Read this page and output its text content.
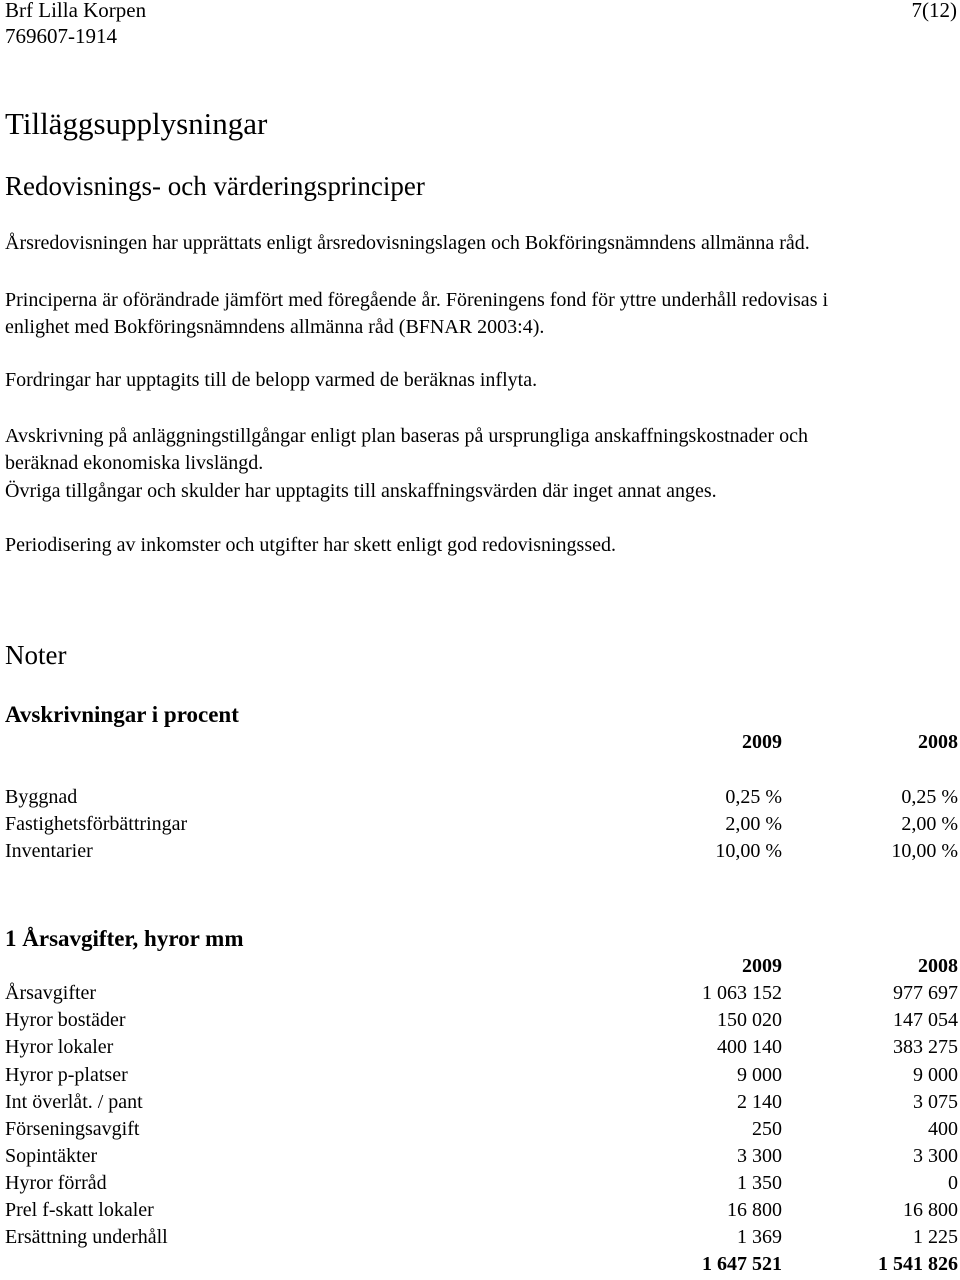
Brf Lilla Korpen	7(12)
769607-1914
Tilläggsupplysningar
Redovisnings- och värderingsprinciper
Årsredovisningen har upprättats enligt årsredovisningslagen och Bokföringsnämndens allmänna råd.
Principerna är oförändrade jämfört med föregående år. Föreningens fond för yttre underhåll redovisas i
enlighet med Bokföringsnämndens allmänna råd (BFNAR 2003:4).
Fordringar har upptagits till de belopp varmed de beräknas inflyta.
Avskrivning på anläggningstillgångar enligt plan baseras på ursprungliga anskaffningskostnader och
beräknad ekonomiska livslängd.
Övriga tillgångar och skulder har upptagits till anskaffningsvärden där inget annat anges.
Periodisering av inkomster och utgifter har skett enligt god redovisningssed.
Noter
Avskrivningar i procent
2009	2008
Byggnad	0,25 %	0,25 %
Fastighetsförbättringar	2,00 %	2,00 %
Inventarier	10,00 %	10,00 %
1 Årsavgifter, hyror mm
2009	2008
Årsavgifter	1 063 152	977 697
Hyror bostäder	150 020	147 054
Hyror lokaler	400 140	383 275
Hyror p-platser	9 000	9 000
Int överlåt. / pant	2 140	3 075
Förseningsavgift	250	400
Sopintäkter	3 300	3 300
Hyror förråd	1 350	0
Prel f-skatt lokaler	16 800	16 800
Ersättning underhåll	1 369	1 225
1 647 521	1 541 826
